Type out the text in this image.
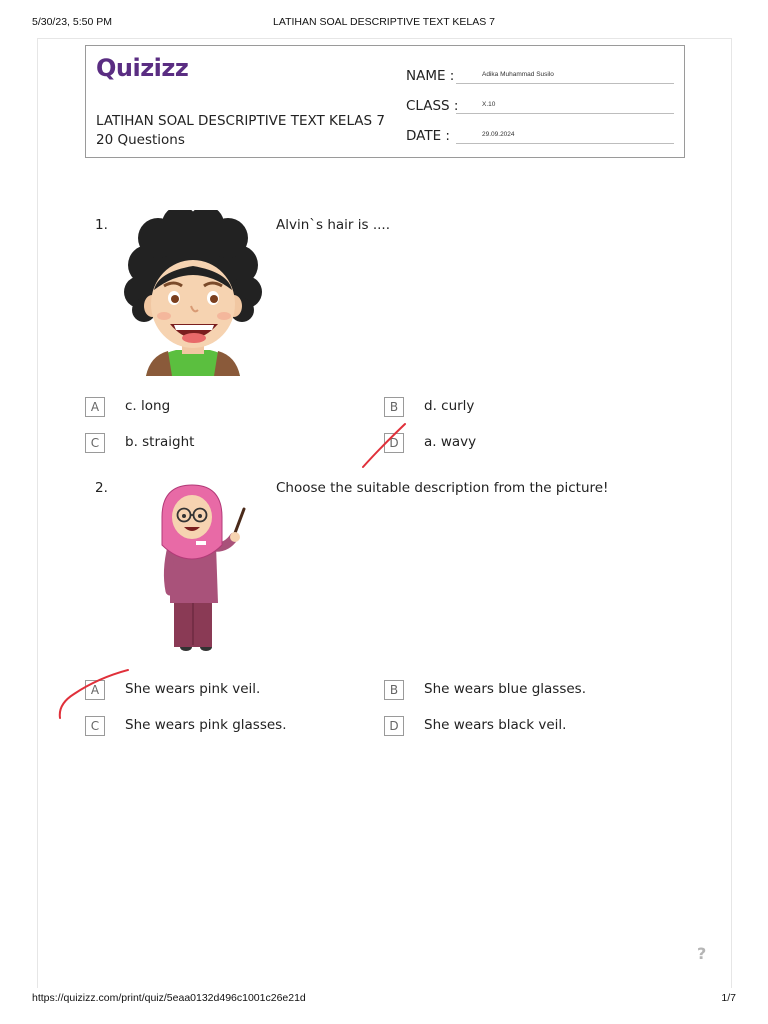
5/30/23, 5:50 PM	LATIHAN SOAL DESCRIPTIVE TEXT KELAS 7
Quizizz
LATIHAN SOAL DESCRIPTIVE TEXT KELAS 7
20 Questions
NAME :	Adika Muhammad Susilo
CLASS :	X.10
DATE :	29.09.2024
1.	Alvin`s hair is ....
A	c. long	B	d. curly
C	b. straight	D	a. wavy
2.	Choose the suitable description from the picture!
A	She wears pink veil.	B	She wears blue glasses.
C	She wears pink glasses.	D	She wears black veil.
?
https://quizizz.com/print/quiz/5eaa0132d496c1001c26e21d	1/7
